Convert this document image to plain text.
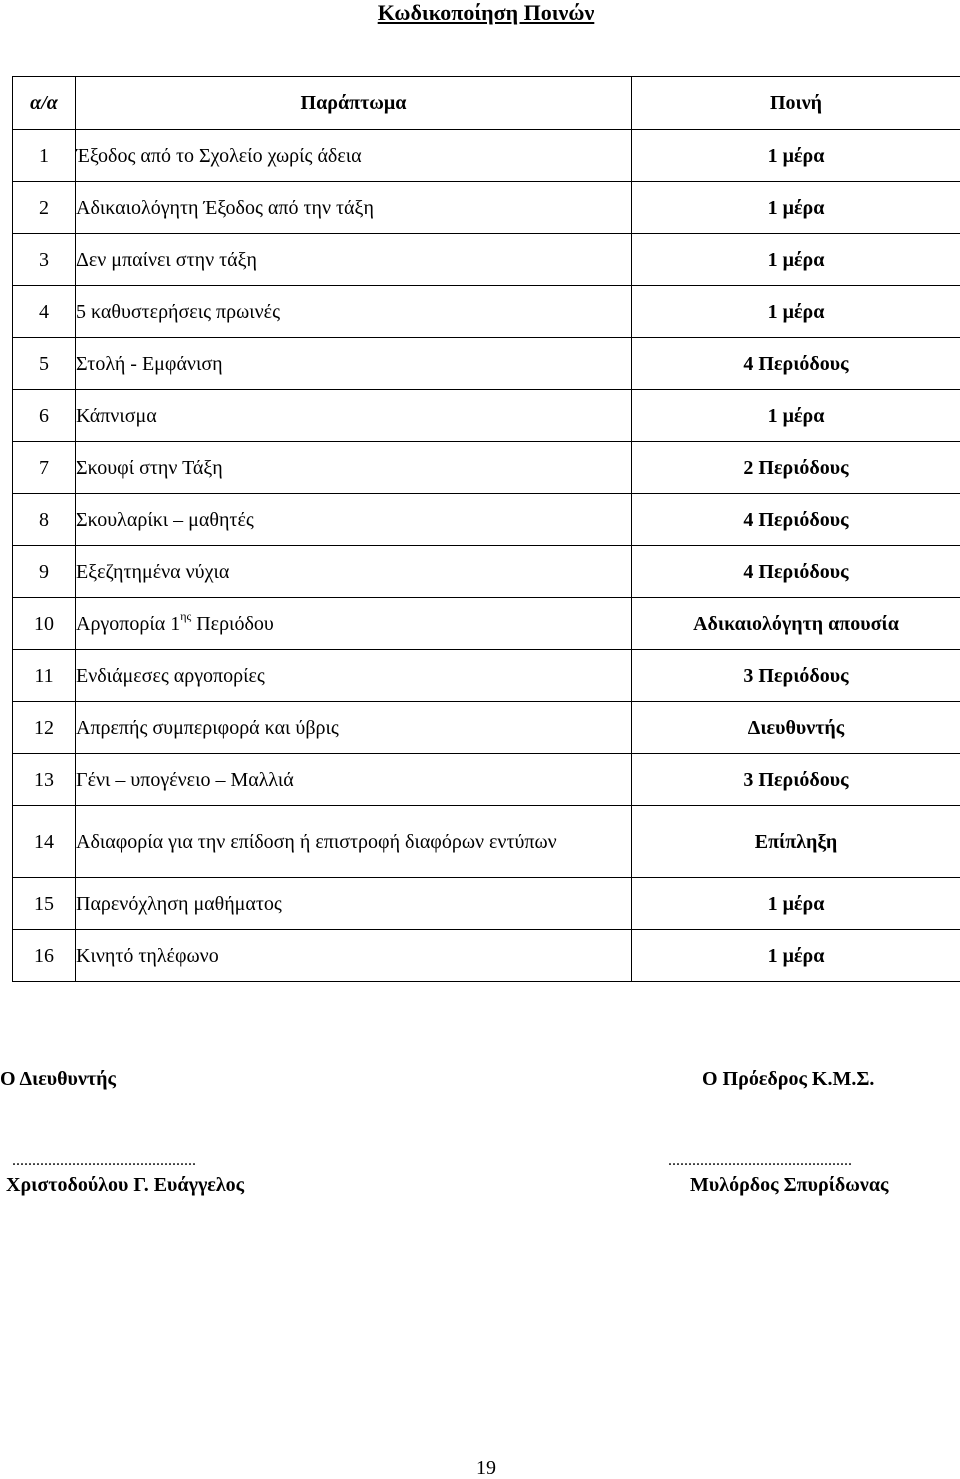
Κωδικοποίηση Ποινών
α/α	Παράπτωμα	Ποινή
1	Έξοδος από το Σχολείο χωρίς άδεια	1 μέρα
2	Αδικαιολόγητη Έξοδος από την τάξη	1 μέρα
3	Δεν μπαίνει στην τάξη	1 μέρα
4	5 καθυστερήσεις πρωινές	1 μέρα
5	Στολή - Εμφάνιση	4 Περιόδους
6	Κάπνισμα	1 μέρα
7	Σκουφί στην Τάξη	2 Περιόδους
8	Σκουλαρίκι – μαθητές	4 Περιόδους
9	Εξεζητημένα νύχια	4 Περιόδους
10	Αργοπορία $1^{\eta\varsigma}$ Περιόδου	Αδικαιολόγητη απουσία
11	Ενδιάμεσες αργοπορίες	3 Περιόδους
12	Απρεπής συμπεριφορά και ύβρις	Διευθυντής
13	Γένι – υπογένειο – Μαλλιά	3 Περιόδους
14	Αδιαφορία για την επίδοση ή επιστροφή διαφόρων εντύπων	Επίπληξη
15	Παρενόχληση μαθήματος	1 μέρα
16	Κινητό τηλέφωνο	1 μέρα
Ο Διευθυντής	Ο Πρόεδρος Κ.Μ.Σ.
..............................................	..............................................
Χριστοδούλου Γ. Ευάγγελος	Μυλόρδος Σπυρίδωνας
19
